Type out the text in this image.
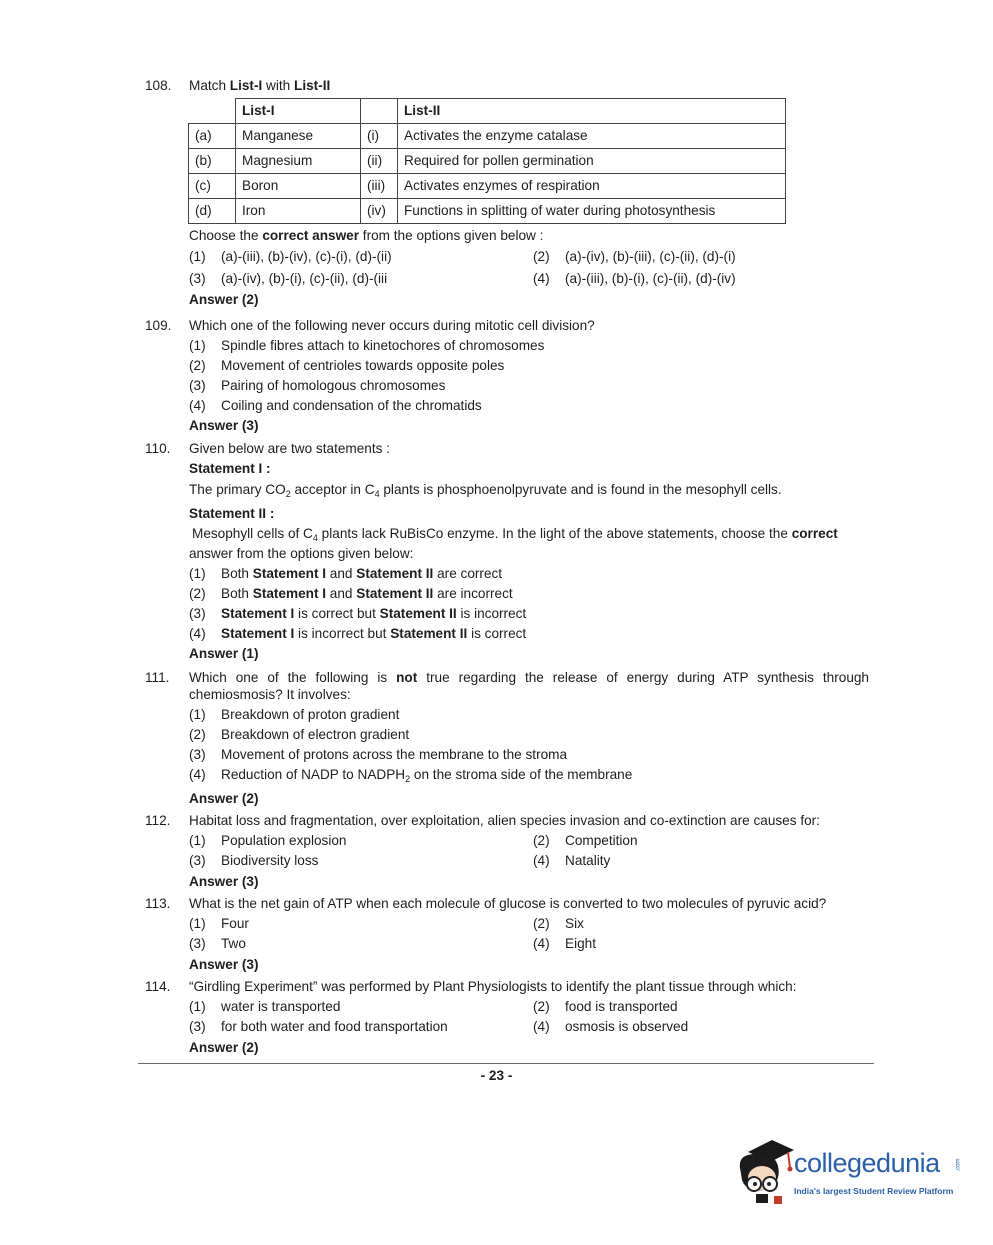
108.	Match List-I with List-II
	List-I		List-II
(a)	Manganese	(i)	Activates the enzyme catalase
(b)	Magnesium	(ii)	Required for pollen germination
(c)	Boron	(iii)	Activates enzymes of respiration
(d)	Iron	(iv)	Functions in splitting of water during photosynthesis
Choose the correct answer from the options given below :
(1) (a)-(iii), (b)-(iv), (c)-(i), (d)-(ii)	(2) (a)-(iv), (b)-(iii), (c)-(ii), (d)-(i)
(3) (a)-(iv), (b)-(i), (c)-(ii), (d)-(iii	(4) (a)-(iii), (b)-(i), (c)-(ii), (d)-(iv)
Answer (2)
109.	Which one of the following never occurs during mitotic cell division?
(1) Spindle fibres attach to kinetochores of chromosomes
(2) Movement of centrioles towards opposite poles
(3) Pairing of homologous chromosomes
(4) Coiling and condensation of the chromatids
Answer (3)
110.	Given below are two statements :
Statement I :
The primary $CO_2$ acceptor in $C_4$ plants is phosphoenolpyruvate and is found in the mesophyll cells.
Statement II :
Mesophyll cells of $C_4$ plants lack RuBisCo enzyme. In the light of the above statements, choose the correct
answer from the options given below:
(1) Both Statement I and Statement II are correct
(2) Both Statement I and Statement II are incorrect
(3) Statement I is correct but Statement II is incorrect
(4) Statement I is incorrect but Statement II is correct
Answer (1)
111.	Which one of the following is not true regarding the release of energy during ATP synthesis through chemiosmosis? It involves:
(1) Breakdown of proton gradient
(2) Breakdown of electron gradient
(3) Movement of protons across the membrane to the stroma
(4) Reduction of NADP to $NADPH_2$ on the stroma side of the membrane
Answer (2)
112.	Habitat loss and fragmentation, over exploitation, alien species invasion and co-extinction are causes for:
(1) Population explosion	(2) Competition
(3) Biodiversity loss	(4) Natality
Answer (3)
113.	What is the net gain of ATP when each molecule of glucose is converted to two molecules of pyruvic acid?
(1) Four	(2) Six
(3) Two	(4) Eight
Answer (3)
114.	“Girdling Experiment” was performed by Plant Physiologists to identify the plant tissue through which:
(1) water is transported	(2) food is transported
(3) for both water and food transportation	(4) osmosis is observed
Answer (2)
- 23 -
collegedunia	.com
India's largest Student Review Platform
